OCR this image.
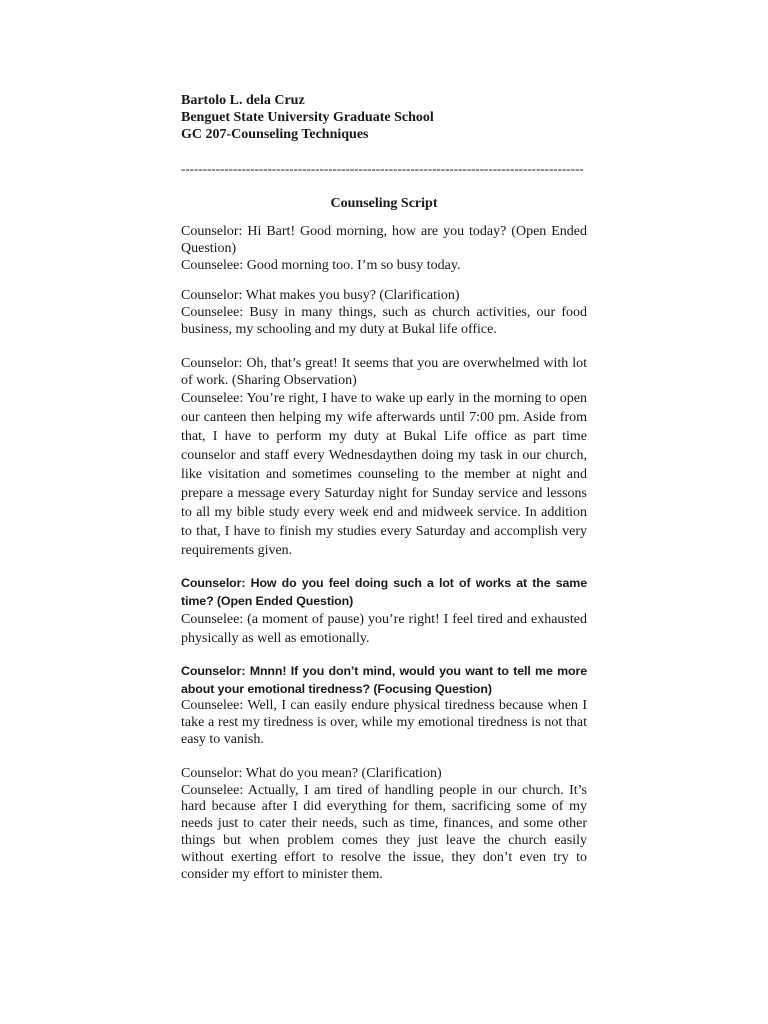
Bartolo L. dela Cruz
Benguet State University Graduate School
GC 207-Counseling Techniques
---------------------------------------------------------------------------------------------
Counseling Script

Counselor: Hi Bart! Good morning, how are you today? (Open Ended Question)

Counselee: Good morning too. I’m so busy today.

Counselor: What makes you busy? (Clarification)

Counselee: Busy in many things, such as church activities, our food business, my schooling and my duty at Bukal life office.

Counselor: Oh, that’s great! It seems that you are overwhelmed with lot of work. (Sharing Observation)

Counselee: You’re right, I have to wake up early in the morning to open our canteen then helping my wife afterwards until 7:00 pm. Aside from that, I have to perform my duty at Bukal Life office as part time counselor and staff every Wednesdaythen doing my task in our church, like visitation and sometimes counseling to the member at night and prepare a message every Saturday night for Sunday service and lessons to all my bible study every week end and midweek service. In addition to that, I have to finish my studies every Saturday and accomplish very requirements given.

Counselor: How do you feel doing such a lot of works at the same time? (Open Ended Question)

Counselee: (a moment of pause) you’re right! I feel tired and exhausted physically as well as emotionally.

Counselor: Mnnn! If you don’t mind, would you want to tell me more about your emotional tiredness? (Focusing Question)

Counselee: Well, I can easily endure physical tiredness because when I take a rest my tiredness is over, while my emotional tiredness is not that easy to vanish.

Counselor: What do you mean? (Clarification)

Counselee: Actually, I am tired of handling people in our church. It’s hard because after I did everything for them, sacrificing some of my needs just to cater their needs, such as time, finances, and some other things but when problem comes they just leave the church easily without exerting effort to resolve the issue, they don’t even try to consider my effort to minister them.
